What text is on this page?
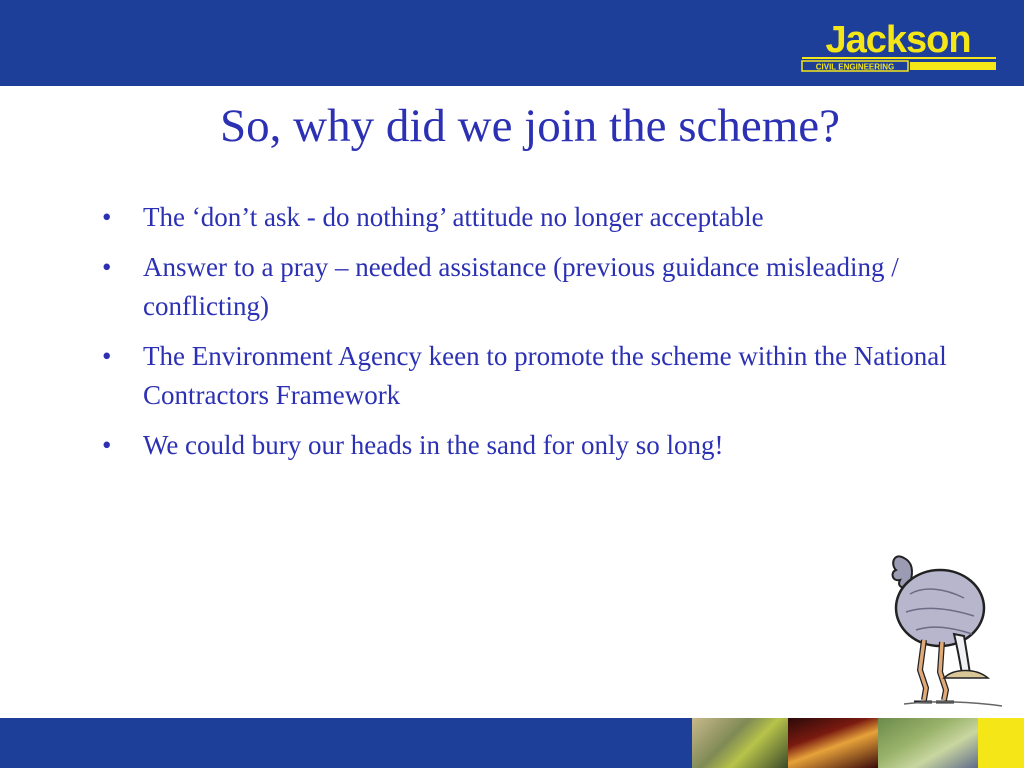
Jackson
CIVIL ENGINEERING
So, why did we join the scheme?
•	The ‘don’t ask - do nothing’ attitude no longer acceptable
•	Answer to a pray – needed assistance (previous guidance misleading / conflicting)
•	The Environment Agency keen to promote the scheme within the National Contractors Framework
•	We could bury our heads in the sand for only so long!
